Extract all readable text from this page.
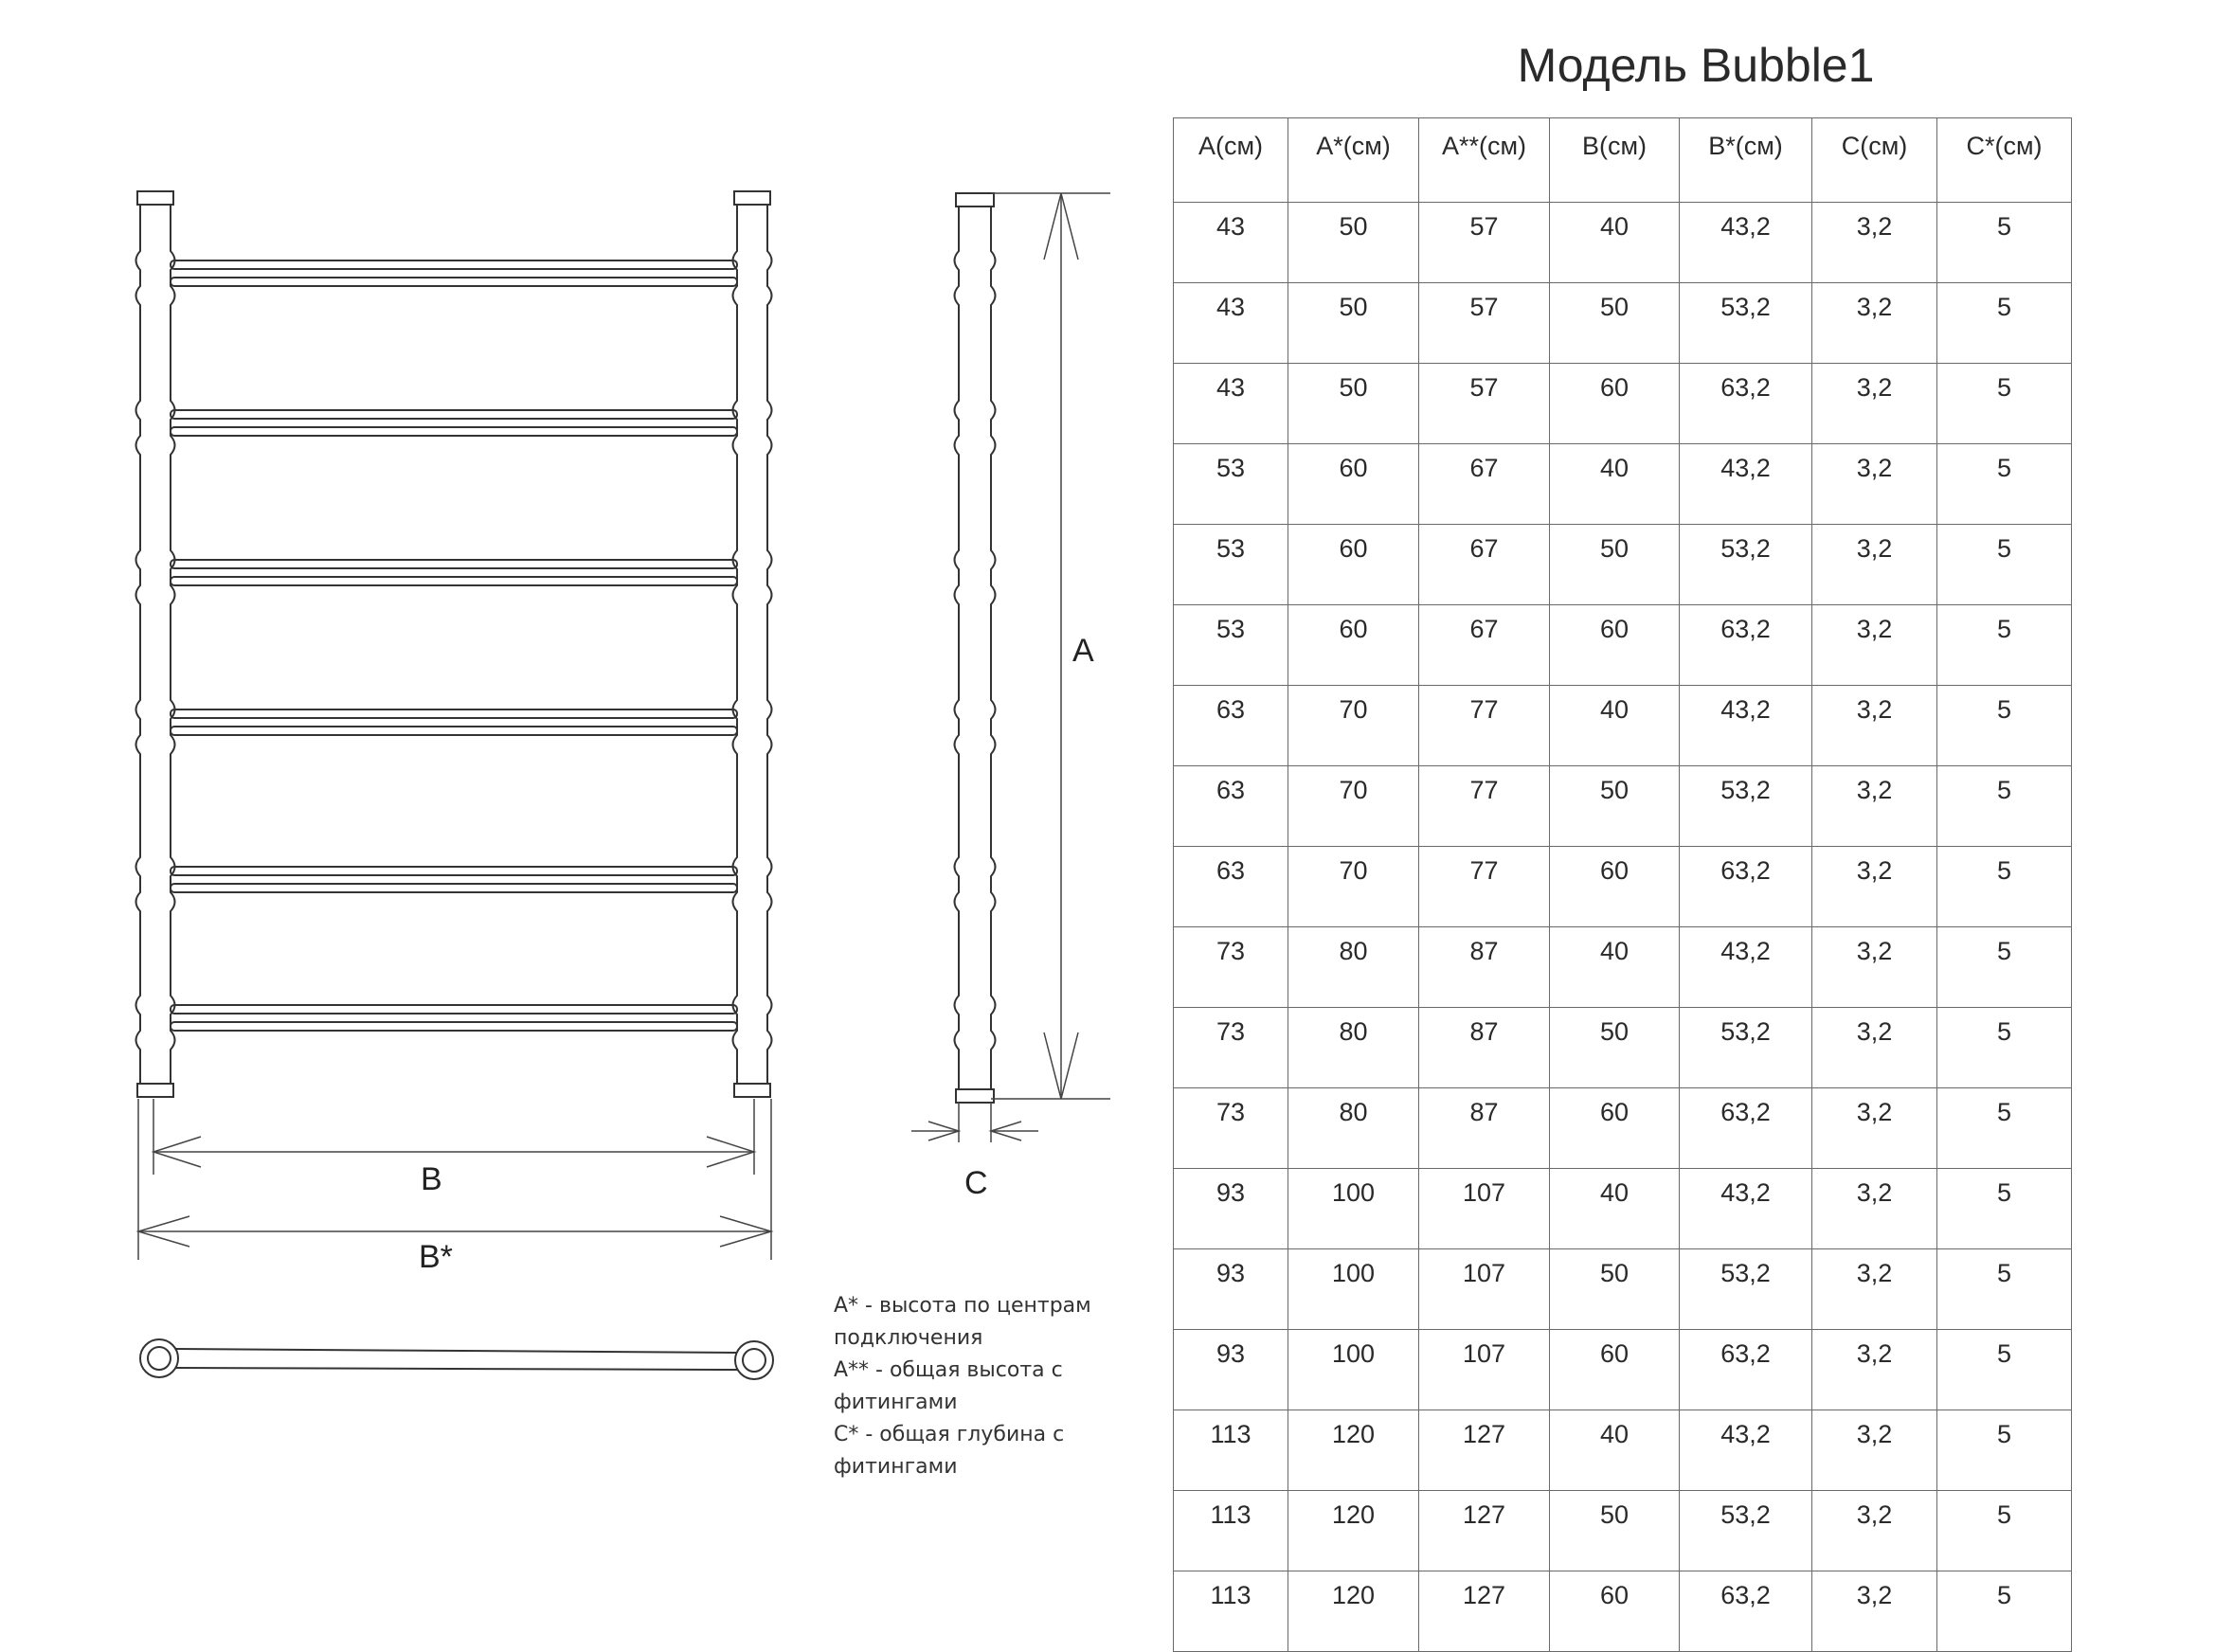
B
B*
A
C
A* - высота по центрам
подключения
A** - общая высота с
фитингами
C* - общая глубина с
фитингами
Модель Bubble1
A(см)	A*(см)	A**(см)	B(см)	B*(см)	C(см)	C*(см)
43	50	57	40	43,2	3,2	5
43	50	57	50	53,2	3,2	5
43	50	57	60	63,2	3,2	5
53	60	67	40	43,2	3,2	5
53	60	67	50	53,2	3,2	5
53	60	67	60	63,2	3,2	5
63	70	77	40	43,2	3,2	5
63	70	77	50	53,2	3,2	5
63	70	77	60	63,2	3,2	5
73	80	87	40	43,2	3,2	5
73	80	87	50	53,2	3,2	5
73	80	87	60	63,2	3,2	5
93	100	107	40	43,2	3,2	5
93	100	107	50	53,2	3,2	5
93	100	107	60	63,2	3,2	5
113	120	127	40	43,2	3,2	5
113	120	127	50	53,2	3,2	5
113	120	127	60	63,2	3,2	5
